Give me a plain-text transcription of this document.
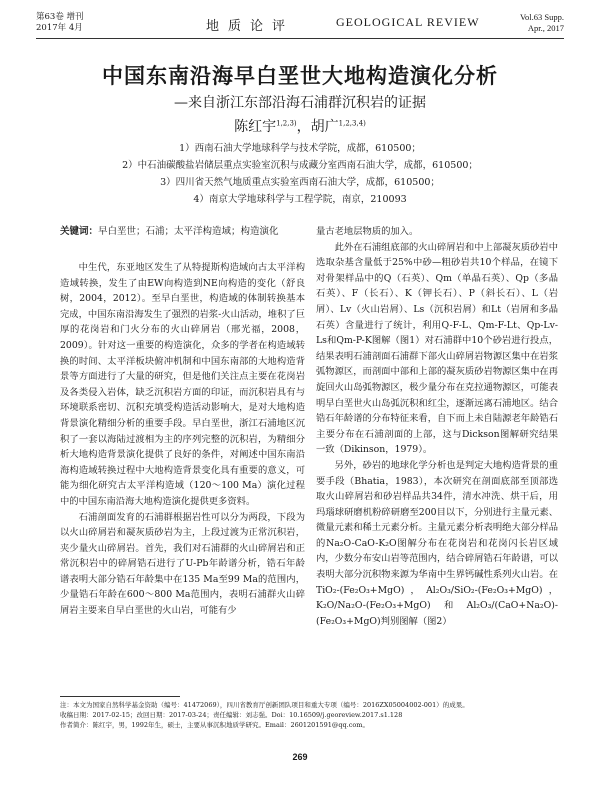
第63卷 增刊
2017年 4月	地质论评	GEOLOGICAL REVIEW	Vol.63 Supp.
Apr., 2017
中国东南沿海早白垩世大地构造演化分析
—来自浙江东部沿海石浦群沉积岩的证据
陈红宇$^{1,2,3)}$，胡广$^{1,2,3,4)}$
1）西南石油大学地球科学与技术学院，成都，610500；
2）中石油碳酸盐岩储层重点实验室沉积与成藏分室西南石油大学，成都，610500；
3）四川省天然气地质重点实验室西南石油大学，成都，610500；
4）南京大学地球科学与工程学院，南京，210093
关键词：早白垩世；石浦；太平洋构造域；构造演化

中生代，东亚地区发生了从特提斯构造域向古太平洋构造域转换，发生了由EW向构造到NE向构造的变化（舒良树，2004，2012）。至早白垩世，构造域的体制转换基本完成，中国东南沿海发生了强烈的岩浆-火山活动，堆积了巨厚的花岗岩和门火分布的火山碎屑岩（邢光福，2008，2009）。针对这一重要的构造演化，众多的学者在构造域转换的时间、太平洋板块俯冲机制和中国东南部的大地构造背景等方面进行了大量的研究，但是他们关注点主要在花岗岩及各类侵入岩体，缺乏沉积岩方面的印证，而沉积岩具有与环境联系密切、沉积充填受构造活动影响大，是对大地构造背景演化精细分析的重要手段。早白垩世，浙江石浦地区沉积了一套以海陆过渡相为主的序列完整的沉积岩，为精细分析大地构造背景演化提供了良好的条件，对阐述中国东南沿海构造域转换过程中大地构造背景变化具有重要的意义，可能为细化研究古太平洋构造域（120～100 Ma）演化过程中的中国东南沿海大地构造演化提供更多资料。

石浦剖面发育的石浦群根据岩性可以分为两段，下段为以火山碎屑岩和凝灰质砂岩为主，上段过渡为正常沉积岩，夹少量火山碎屑岩。首先，我们对石浦群的火山碎屑岩和正常沉积岩中的碎屑锆石进行了U-Pb年龄谱分析，锆石年龄谱表明大部分锆石年龄集中在135 Ma至99 Ma的范围内，少量锆石年龄在600～800 Ma范围内，表明石浦群火山碎屑岩主要来自早白垩世的火山岩，可能有少

量古老地层物质的加入。

此外在石浦组底部的火山碎屑岩和中上部凝灰质砂岩中选取杂基含量低于25%中砂—粗砂岩共10个样品，在镜下对骨架样品中的Q（石英）、Qm（单晶石英）、Qp（多晶石英）、F（长石）、K（钾长石）、P（斜长石）、L（岩屑）、Lv（火山岩屑）、Ls（沉积岩屑）和Lt（岩屑和多晶石英）含量进行了统计，利用Q-F-L、Qm-F-Lt、Qp-Lv-Ls和Qm-P-K图解（图1）对石浦群中10个砂岩进行投点，结果表明石浦剖面石浦群下部火山碎屑岩物源区集中在岩浆弧物源区，而剖面中部和上部的凝灰质砂岩物源区集中在再旋回火山岛弧物源区，极少量分布在克拉通物源区，可能表明早白垩世火山岛弧沉积和红尘，逐渐远离石浦地区。结合锆石年龄谱的分布特征来看，自下而上未自陆源老年龄锆石主要分布在石浦剖面的上部，这与Dickson图解研究结果一致（Dikinson，1979）。

另外，砂岩的地球化学分析也是判定大地构造背景的重要手段（Bhatia，1983），本次研究在剖面底部至顶部选取火山碎屑岩和砂岩样品共34件，清水冲洗、烘干后，用玛瑙球研磨机粉碎研磨至200目以下，分别进行主量元素、微量元素和稀土元素分析。主量元素分析表明绝大部分样品的Na₂O-CaO-K₂O图解分布在花岗岩和花岗闪长岩区域内，少数分布安山岩等范围内，结合碎屑锆石年龄谱，可以表明大部分沉积物来源为华南中生界钙碱性系列火山岩。在TiO₂-(Fe₂O₃+MgO)，Al₂O₃/SiO₂-(Fe₂O₃+MgO)，K₂O/Na₂O-(Fe₂O₃+MgO)和Al₂O₃/(CaO+Na₂O)-(Fe₂O₃+MgO)判别图解（图2）

注：本文为国家自然科学基金资助（编号：41472069），四川省教育厅创新团队项目和重大专项（编号：2016ZX05004002-001）的成果。
收稿日期：2017-02-15；改回日期：2017-03-24；责任编辑：刘志强。Doi：10.16509/j.georeview.2017.s1.128
作者简介：陈红宇，男，1992年生，硕士，主要从事沉积地质学研究。Email：2601201591@qq.com。
269
